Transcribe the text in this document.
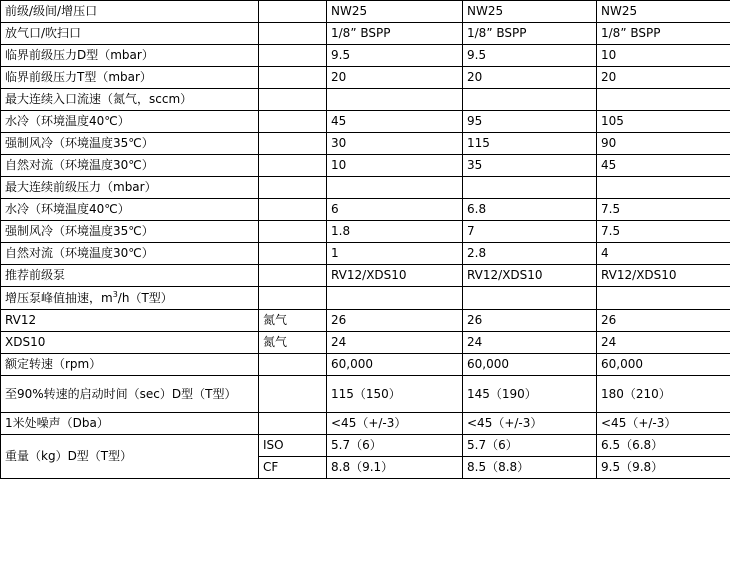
前级/级间/增压口		NW25	NW25	NW25
放气口/吹扫口		1/8” BSPP	1/8” BSPP	1/8” BSPP
临界前级压力D型（mbar）		9.5	9.5	10
临界前级压力T型（mbar）		20	20	20
最大连续入口流速（氮气，sccm）				
水冷（环境温度40℃）		45	95	105
强制风冷（环境温度35℃）		30	115	90
自然对流（环境温度30℃）		10	35	45
最大连续前级压力（mbar）				
水冷（环境温度40℃）		6	6.8	7.5
强制风冷（环境温度35℃）		1.8	7	7.5
自然对流（环境温度30℃）		1	2.8	4
推荐前级泵		RV12/XDS10	RV12/XDS10	RV12/XDS10
增压泵峰值抽速，$m^3/h(T$型）				
RV12	氮气	26	26	26
XDS10	氮气	24	24	24
额定转速（rpm）		60,000	60,000	60,000
至90%转速的启动时间（sec）D型（T型）		115（150）	145（190）	180（210）
1米处噪声（Dba）		<45（+/-3）	<45（+/-3）	<45（+/-3）
重量（kg）D型（T型）	ISO	5.7（6）	5.7（6）	6.5（6.8）
	CF	8.8（9.1）	8.5（8.8）	9.5（9.8）
